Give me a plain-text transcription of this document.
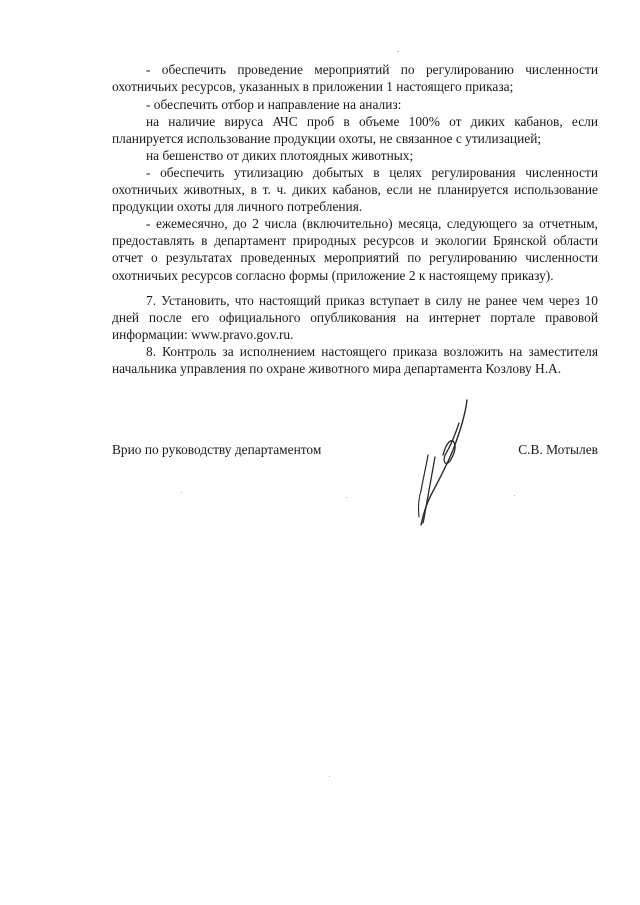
- обеспечить проведение мероприятий по регулированию численности охотничьих ресурсов, указанных в приложении 1 настоящего приказа;

- обеспечить отбор и направление на анализ:

на наличие вируса АЧС проб в объеме 100% от диких кабанов, если планируется использование продукции охоты, не связанное с утилизацией;

на бешенство от диких плотоядных животных;

- обеспечить утилизацию добытых в целях регулирования численности охотничьих животных, в т. ч. диких кабанов, если не планируется использование продукции охоты для личного потребления.

- ежемесячно, до 2 числа (включительно) месяца, следующего за отчетным, предоставлять в департамент природных ресурсов и экологии Брянской области отчет о результатах проведенных мероприятий по регулированию численности охотничьих ресурсов согласно формы (приложение 2 к настоящему приказу).

7. Установить, что настоящий приказ вступает в силу не ранее чем через 10 дней после его официального опубликования на интернет портале правовой информации: www.pravo.gov.ru.

8. Контроль за исполнением настоящего приказа возложить на заместителя начальника управления по охране животного мира департамента Козлову Н.А.

Врио по руководству департаментом	С.В. Мотылев
